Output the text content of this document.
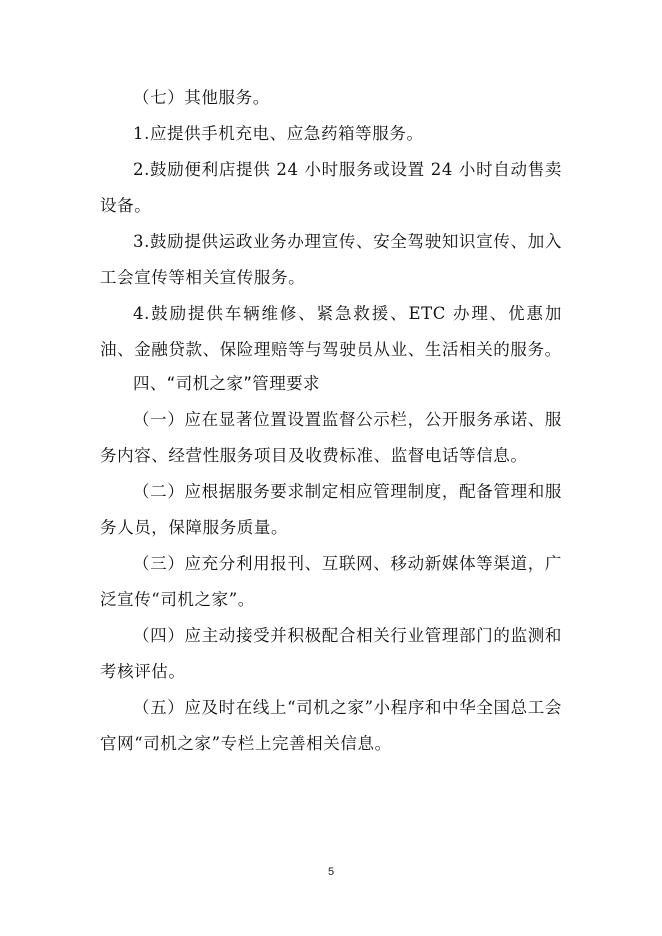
（七）其他服务。

1.应提供手机充电、应急药箱等服务。

2.鼓励便利店提供 24 小时服务或设置 24 小时自动售卖设备。

3.鼓励提供运政业务办理宣传、安全驾驶知识宣传、加入工会宣传等相关宣传服务。

4.鼓励提供车辆维修、紧急救援、ETC 办理、优惠加油、金融贷款、保险理赔等与驾驶员从业、生活相关的服务。

四、“司机之家”管理要求

（一）应在显著位置设置监督公示栏，公开服务承诺、服务内容、经营性服务项目及收费标准、监督电话等信息。

（二）应根据服务要求制定相应管理制度，配备管理和服务人员，保障服务质量。

（三）应充分利用报刊、互联网、移动新媒体等渠道，广泛宣传“司机之家”。

（四）应主动接受并积极配合相关行业管理部门的监测和考核评估。

（五）应及时在线上“司机之家”小程序和中华全国总工会官网“司机之家”专栏上完善相关信息。

5
